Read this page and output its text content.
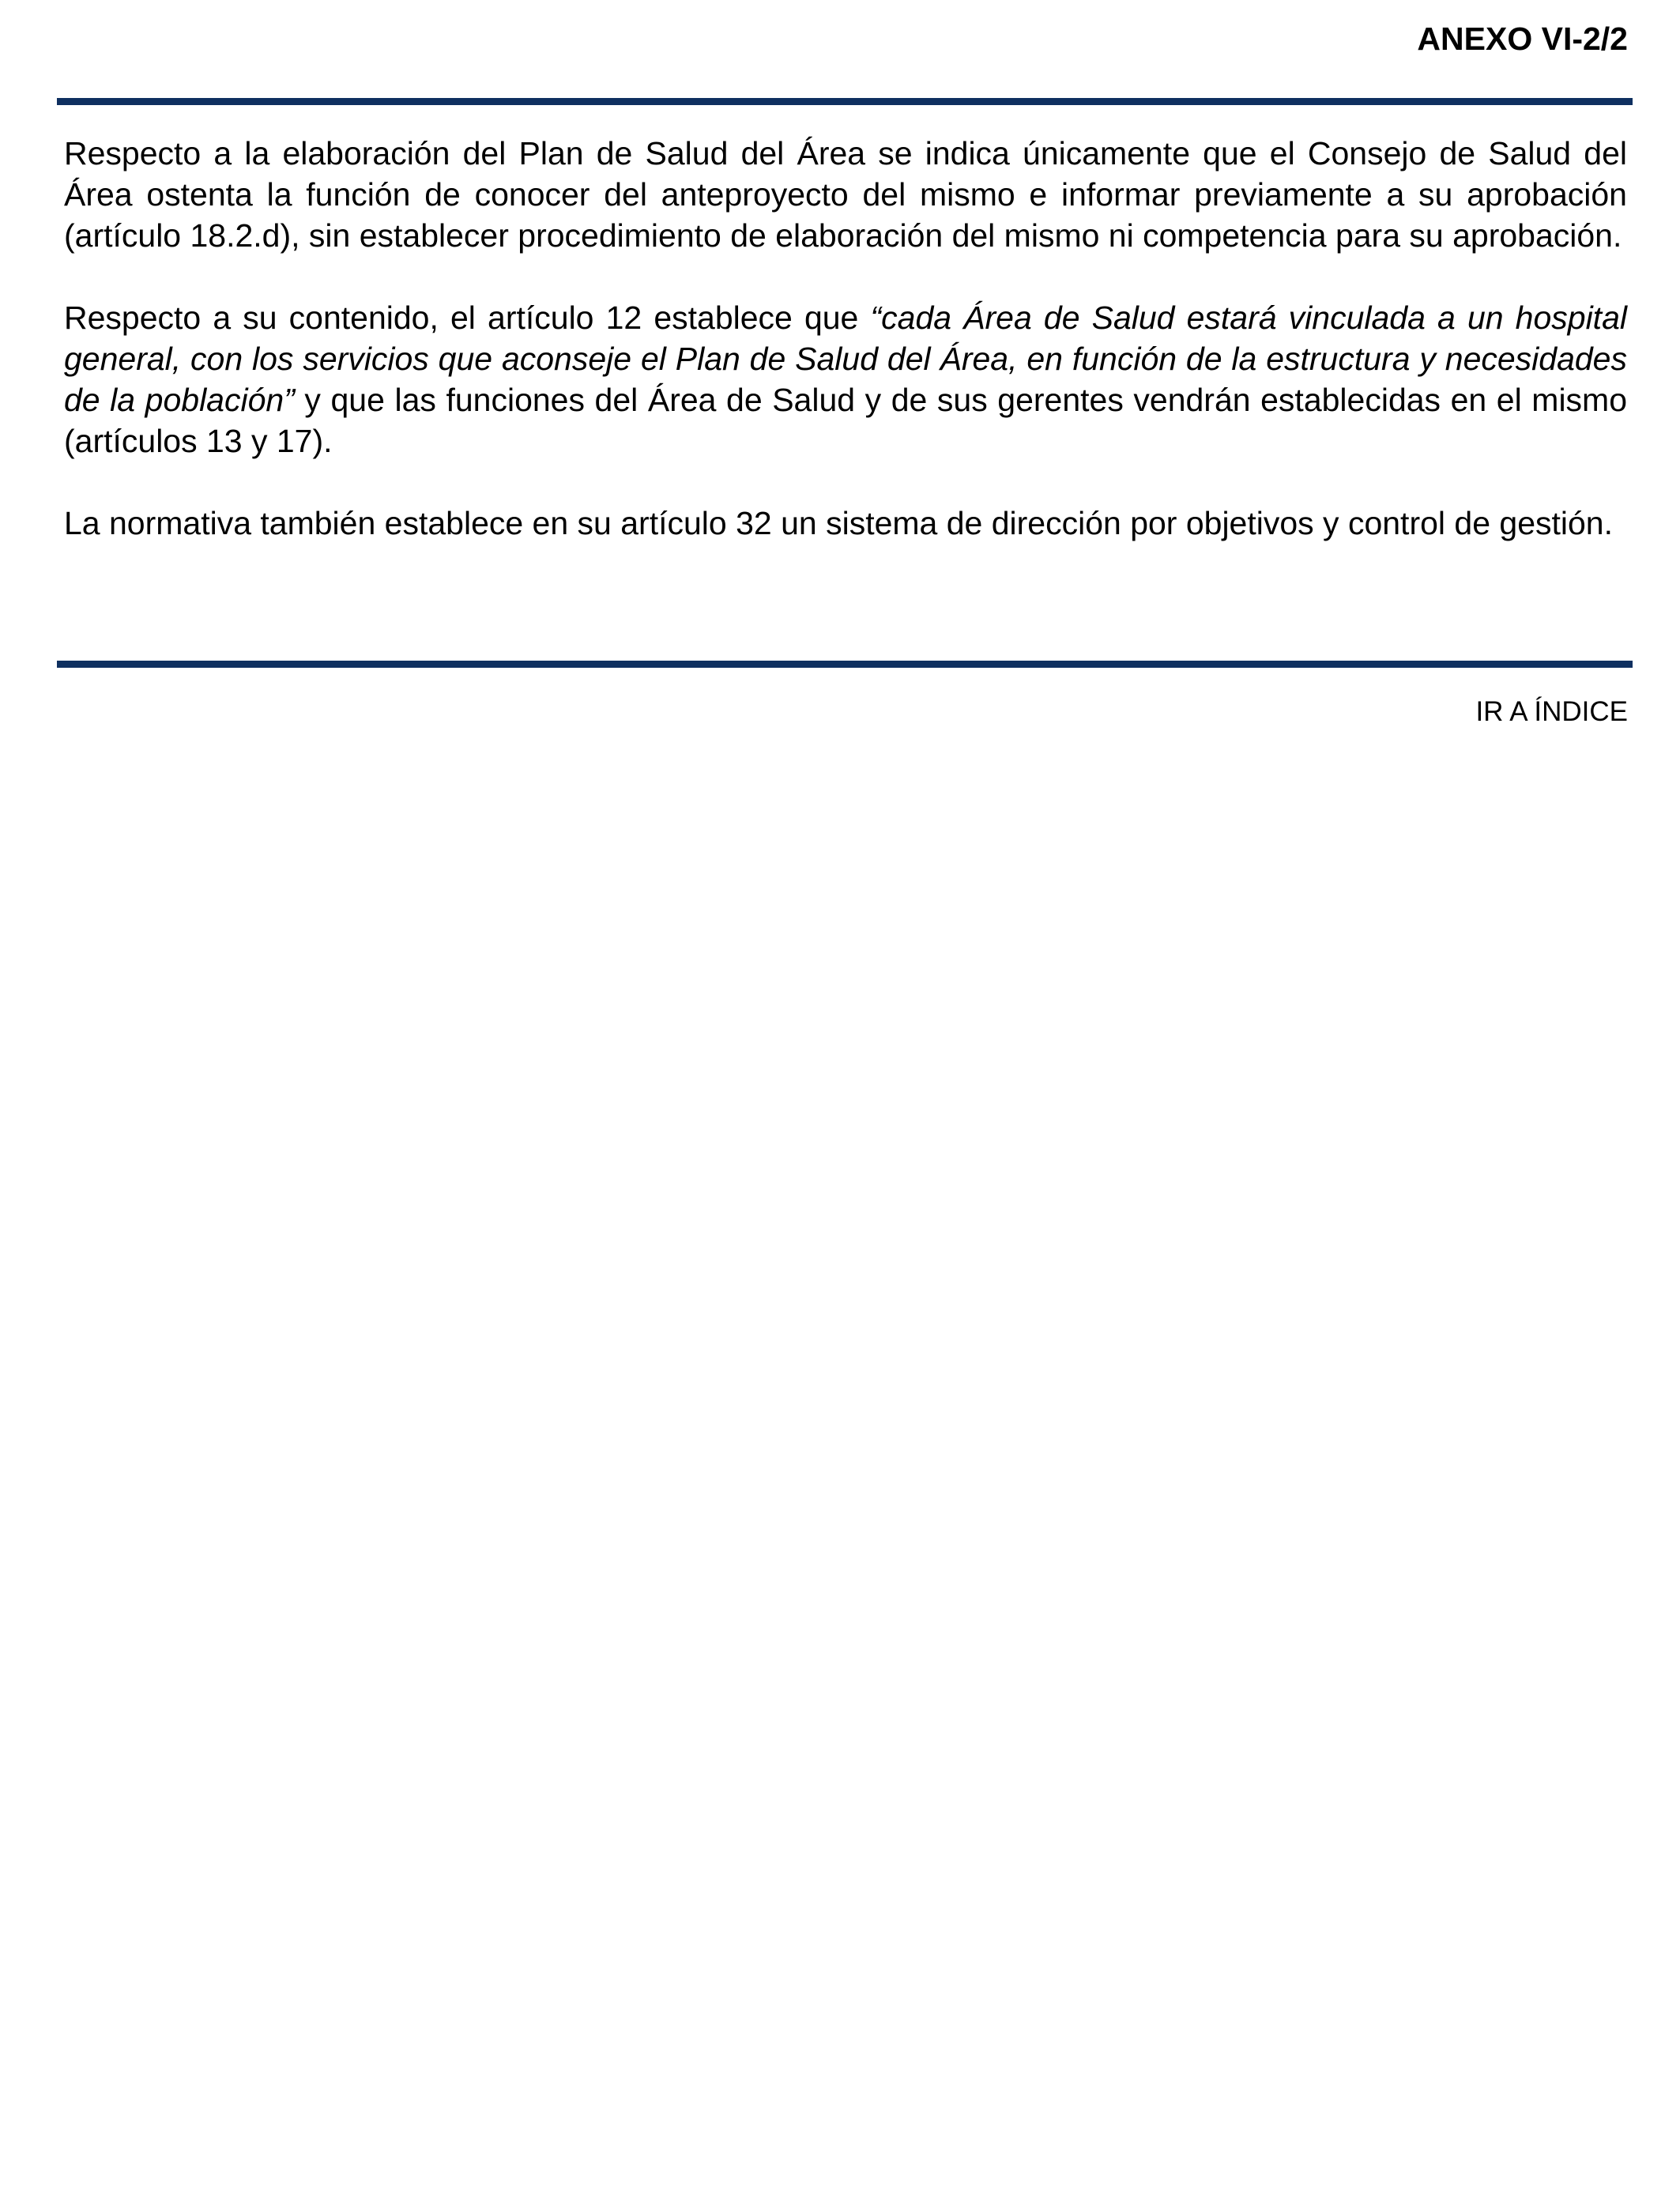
ANEXO VI-2/2

Respecto a la elaboración del Plan de Salud del Área se indica únicamente que el Consejo de Salud del Área ostenta la función de conocer del anteproyecto del mismo e informar previamente a su aprobación (artículo 18.2.d), sin establecer procedimiento de elaboración del mismo ni competencia para su aprobación.

Respecto a su contenido, el artículo 12 establece que “cada Área de Salud estará vinculada a un hospital general, con los servicios que aconseje el Plan de Salud del Área, en función de la estructura y necesidades de la población” y que las funciones del Área de Salud y de sus gerentes vendrán establecidas en el mismo (artículos 13 y 17).

La normativa también establece en su artículo 32 un sistema de dirección por objetivos y control de gestión.

IR A ÍNDICE
